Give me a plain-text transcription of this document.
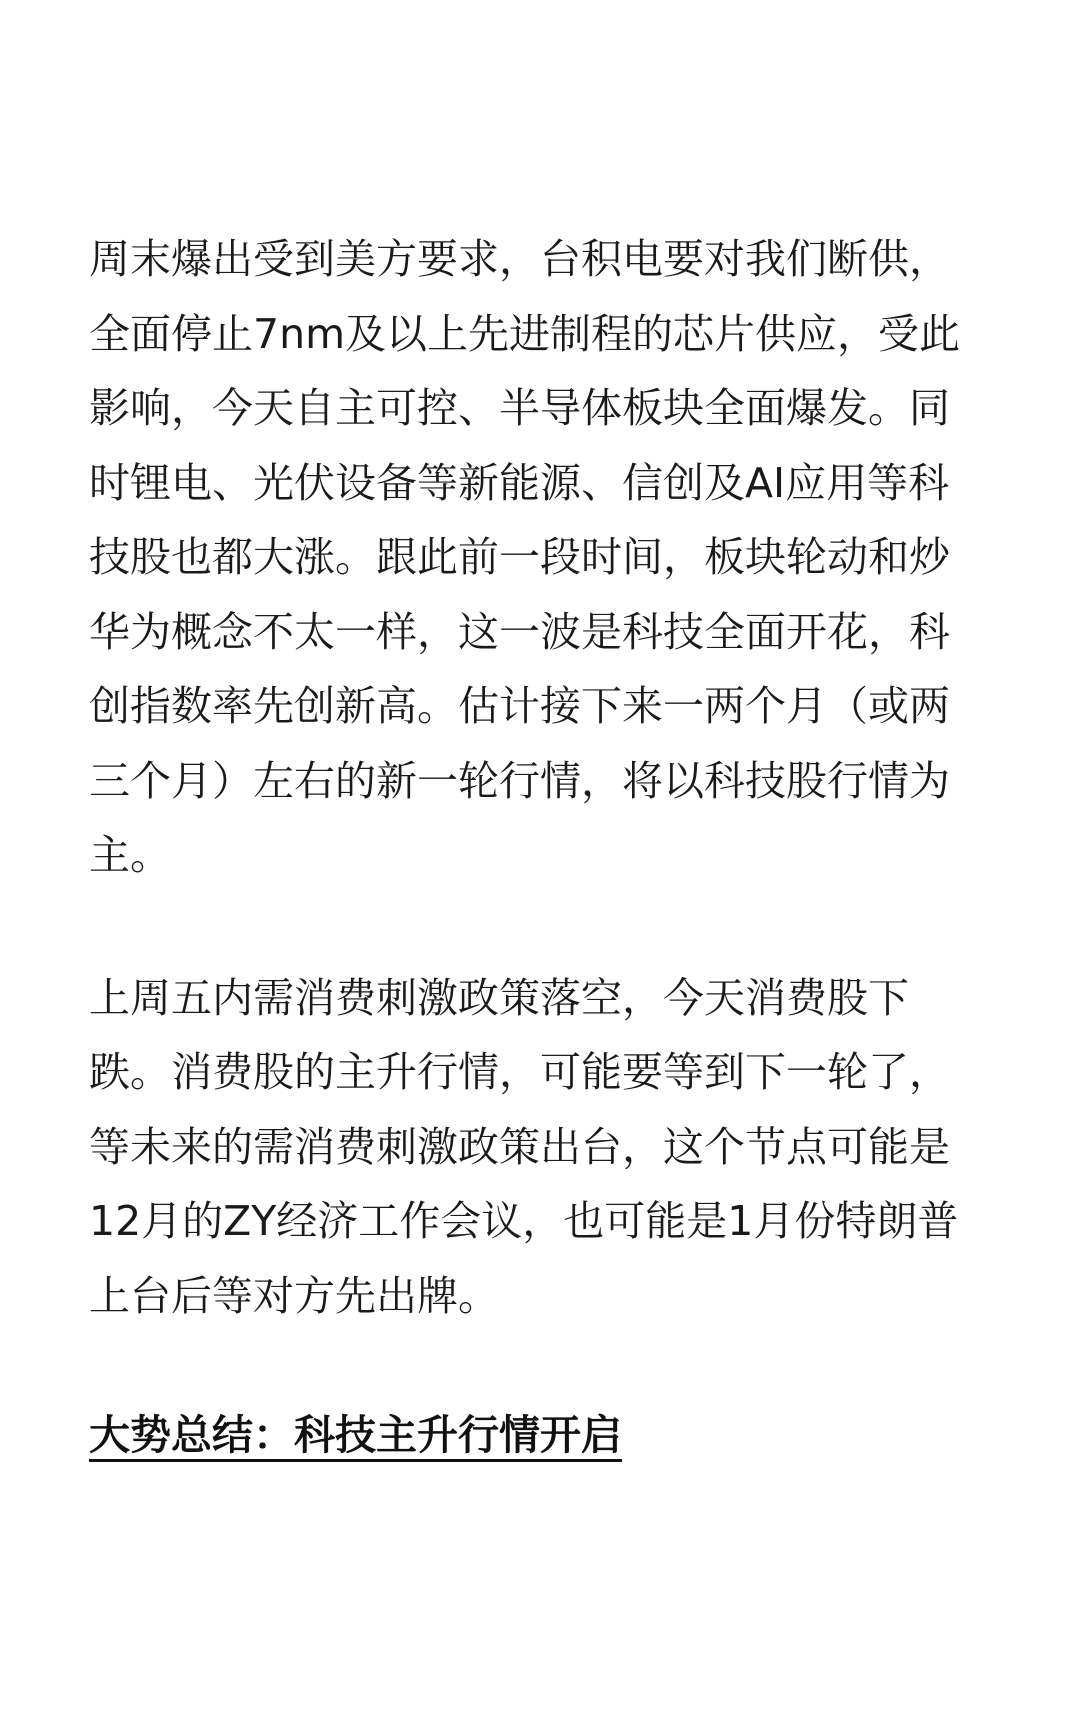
周末爆出受到美方要求，台积电要对我们断供，全面停止7nm及以上先进制程的芯片供应，受此影响，今天自主可控、半导体板块全面爆发。同时锂电、光伏设备等新能源、信创及AI应用等科技股也都大涨。跟此前一段时间，板块轮动和炒华为概念不太一样，这一波是科技全面开花，科创指数率先创新高。估计接下来一两个月（或两三个月）左右的新一轮行情，将以科技股行情为主。

上周五内需消费刺激政策落空，今天消费股下跌。消费股的主升行情，可能要等到下一轮了，等未来的需消费刺激政策出台，这个节点可能是12月的ZY经济工作会议，也可能是1月份特朗普上台后等对方先出牌。

大势总结：科技主升行情开启
